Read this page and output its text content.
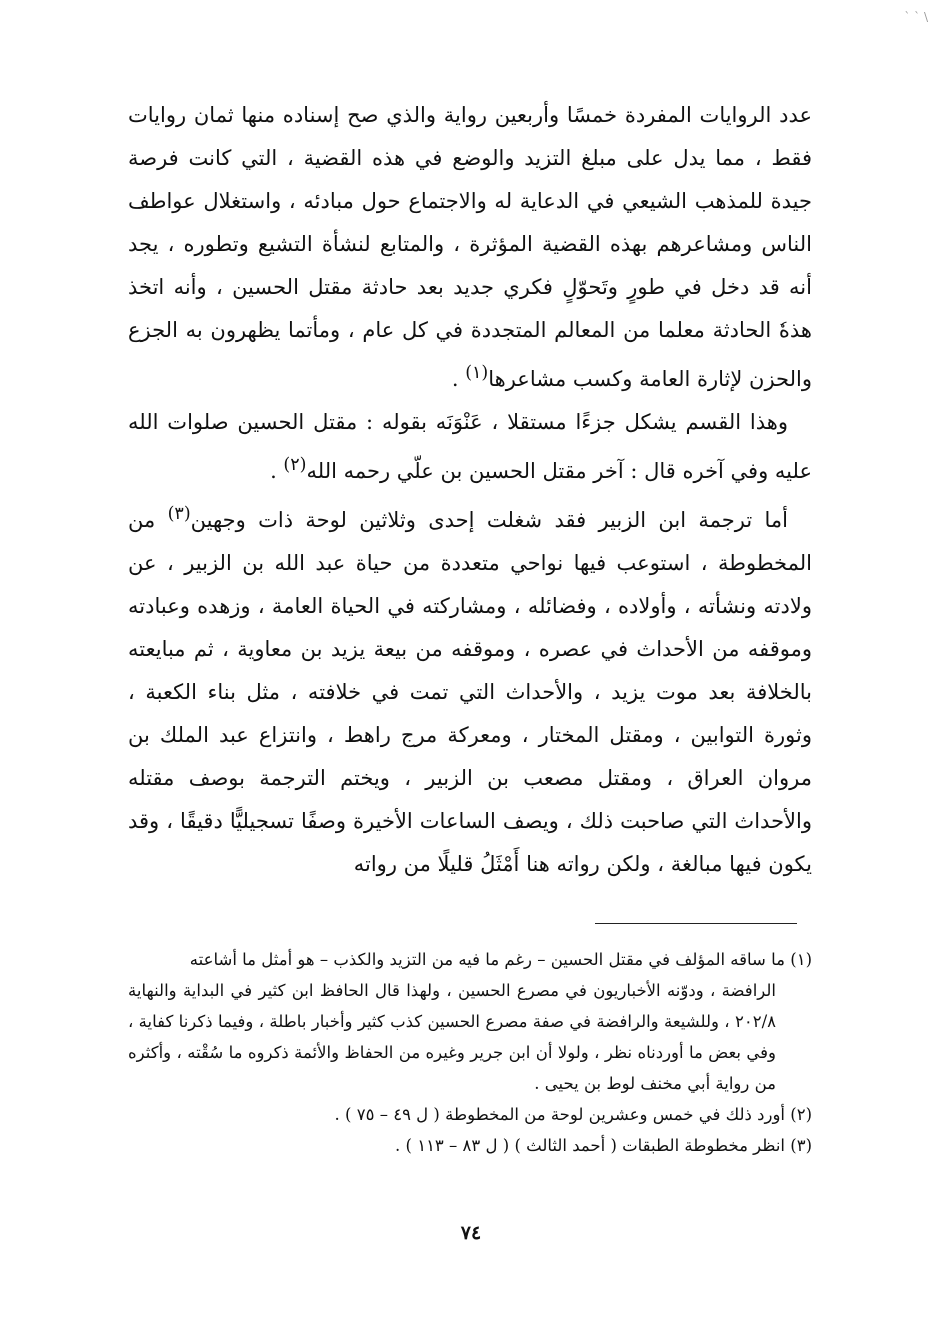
` ` \

عدد الروايات المفردة خمسًا وأربعين رواية والذي صح إسناده منها ثمان روايات فقط ، مما يدل على مبلغ التزيد والوضع في هذه القضية ، التي كانت فرصة جيدة للمذهب الشيعي في الدعاية له والاجتماع حول مبادئه ، واستغلال عواطف الناس ومشاعرهم بهذه القضية المؤثرة ، والمتابع لنشأة التشيع وتطوره ، يجد أنه قد دخل في طورٍ وتَحوّلٍ فكري جديد بعد حادثة مقتل الحسين ، وأنه اتخذ هذهٗ الحادثة معلما من المعالم المتجددة في كل عام ، ومأتما يظهرون به الجزع والحزن لإثارة العامة وكسب مشاعرها$^{(١)}$ .

وهذا القسم يشكل جزءًا مستقلا ، عَنْوَنَه بقوله : مقتل الحسين صلوات الله عليه وفي آخره قال : آخر مقتل الحسين بن علّي رحمه الله$^{(٢)}$ .

أما ترجمة ابن الزبير فقد شغلت إحدى وثلاثين لوحة ذات وجهين$^{(٣)}$ من المخطوطة ، استوعب فيها نواحي متعددة من حياة عبد الله بن الزبير ، عن ولادته ونشأته ، وأولاده ، وفضائله ، ومشاركته في الحياة العامة ، وزهده وعبادته وموقفه من الأحداث في عصره ، وموقفه من بيعة يزيد بن معاوية ، ثم مبايعته بالخلافة بعد موت يزيد ، والأحداث التي تمت في خلافته ، مثل بناء الكعبة ، وثورة التوابين ، ومقتل المختار ، ومعركة مرج راهط ، وانتزاع عبد الملك بن مروان العراق ، ومقتل مصعب بن الزبير ، ويختم الترجمة بوصف مقتله والأحداث التي صاحبت ذلك ، ويصف الساعات الأخيرة وصفًا تسجيليًّا دقيقًا ، وقد يكون فيها مبالغة ، ولكن رواته هنا أَمْثَلُ قليلًا من رواته

(١) ما ساقه المؤلف في مقتل الحسين – رغم ما فيه من التزيد والكذب – هو أمثل ما أشاعته

الرافضة ، ودوّنه الأخباريون في مصرع الحسين ، ولهذا قال الحافظ ابن كثير في البداية والنهاية ٢٠٢/٨ ، وللشيعة والرافضة في صفة مصرع الحسين كذب كثير وأخبار باطلة ، وفيما ذكرنا كفاية ، وفي بعض ما أوردناه نظر ، ولولا أن ابن جرير وغيره من الحفاظ والأئمة ذكروه ما سُقْته ، وأكثره من رواية أبي مخنف لوط بن يحيى .

(٢) أورد ذلك في خمس وعشرين لوحة من المخطوطة ( ل ٤٩ – ٧٥ ) .

(٣) انظر مخطوطة الطبقات ( أحمد الثالث ) ( ل ٨٣ – ١١٣ ) .

٧٤
